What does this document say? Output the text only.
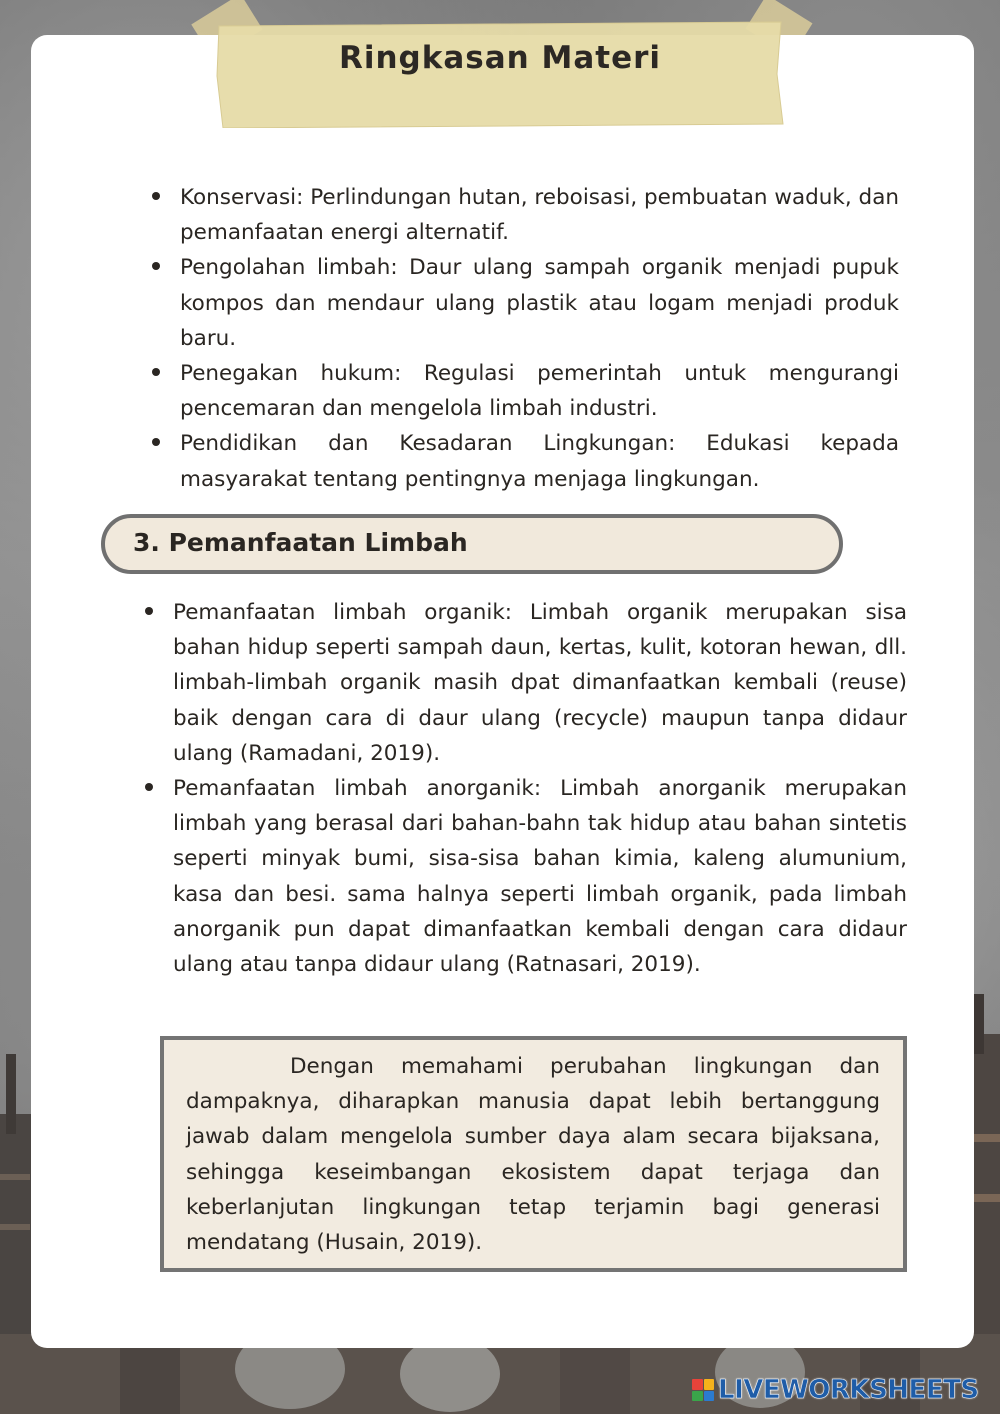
Ringkasan Materi
Konservasi: Perlindungan hutan, reboisasi, pembuatan waduk, dan pemanfaatan energi alternatif.
Pengolahan limbah: Daur ulang sampah organik menjadi pupuk kompos dan mendaur ulang plastik atau logam menjadi produk baru.
Penegakan hukum: Regulasi pemerintah untuk mengurangi pencemaran dan mengelola limbah industri.
Pendidikan dan Kesadaran Lingkungan: Edukasi kepada masyarakat tentang pentingnya menjaga lingkungan.
3. Pemanfaatan Limbah
Pemanfaatan limbah organik: Limbah organik merupakan sisa bahan hidup seperti sampah daun, kertas, kulit, kotoran hewan, dll. limbah-limbah organik masih dpat dimanfaatkan kembali (reuse) baik dengan cara di daur ulang (recycle) maupun tanpa didaur ulang (Ramadani, 2019).
Pemanfaatan limbah anorganik: Limbah anorganik merupakan limbah yang berasal dari bahan-bahn tak hidup atau bahan sintetis seperti minyak bumi, sisa-sisa bahan kimia, kaleng alumunium, kasa dan besi. sama halnya seperti limbah organik, pada limbah anorganik pun dapat dimanfaatkan kembali dengan cara didaur ulang atau tanpa didaur ulang (Ratnasari, 2019).

Dengan memahami perubahan lingkungan dan dampaknya, diharapkan manusia dapat lebih bertanggung jawab dalam mengelola sumber daya alam secara bijaksana, sehingga keseimbangan ekosistem dapat terjaga dan keberlanjutan lingkungan tetap terjamin bagi generasi mendatang (Husain, 2019).

LIVEWORKSHEETS
